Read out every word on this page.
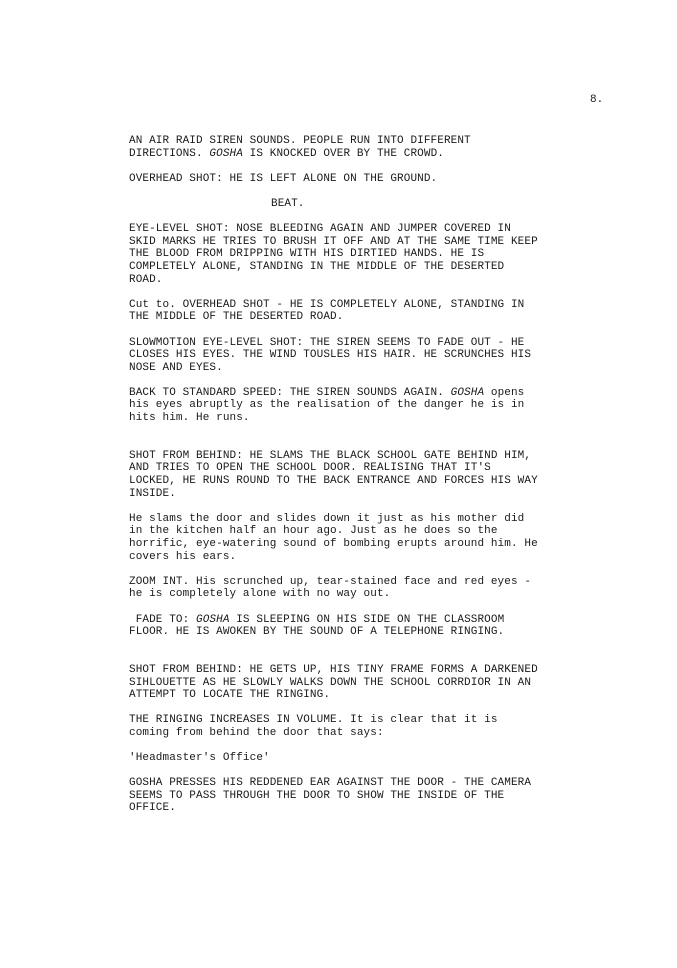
8.

AN AIR RAID SIREN SOUNDS. PEOPLE RUN INTO DIFFERENT
DIRECTIONS. GOSHA IS KNOCKED OVER BY THE CROWD.

OVERHEAD SHOT: HE IS LEFT ALONE ON THE GROUND.

BEAT.

EYE-LEVEL SHOT: NOSE BLEEDING AGAIN AND JUMPER COVERED IN
SKID MARKS HE TRIES TO BRUSH IT OFF AND AT THE SAME TIME KEEP
THE BLOOD FROM DRIPPING WITH HIS DIRTIED HANDS. HE IS
COMPLETELY ALONE, STANDING IN THE MIDDLE OF THE DESERTED
ROAD.

Cut to. OVERHEAD SHOT - HE IS COMPLETELY ALONE, STANDING IN
THE MIDDLE OF THE DESERTED ROAD.

SLOWMOTION EYE-LEVEL SHOT: THE SIREN SEEMS TO FADE OUT - HE
CLOSES HIS EYES. THE WIND TOUSLES HIS HAIR. HE SCRUNCHES HIS
NOSE AND EYES.

BACK TO STANDARD SPEED: THE SIREN SOUNDS AGAIN. GOSHA opens
his eyes abruptly as the realisation of the danger he is in
hits him. He runs.

SHOT FROM BEHIND: HE SLAMS THE BLACK SCHOOL GATE BEHIND HIM,
AND TRIES TO OPEN THE SCHOOL DOOR. REALISING THAT IT'S
LOCKED, HE RUNS ROUND TO THE BACK ENTRANCE AND FORCES HIS WAY
INSIDE.

He slams the door and slides down it just as his mother did
in the kitchen half an hour ago. Just as he does so the
horrific, eye-watering sound of bombing erupts around him. He
covers his ears.

ZOOM INT. His scrunched up, tear-stained face and red eyes -
he is completely alone with no way out.

FADE TO: GOSHA IS SLEEPING ON HIS SIDE ON THE CLASSROOM
FLOOR. HE IS AWOKEN BY THE SOUND OF A TELEPHONE RINGING.

SHOT FROM BEHIND: HE GETS UP, HIS TINY FRAME FORMS A DARKENED
SIHLOUETTE AS HE SLOWLY WALKS DOWN THE SCHOOL CORRDIOR IN AN
ATTEMPT TO LOCATE THE RINGING.

THE RINGING INCREASES IN VOLUME. It is clear that it is
coming from behind the door that says:

'Headmaster's Office'

GOSHA PRESSES HIS REDDENED EAR AGAINST THE DOOR - THE CAMERA
SEEMS TO PASS THROUGH THE DOOR TO SHOW THE INSIDE OF THE
OFFICE.
